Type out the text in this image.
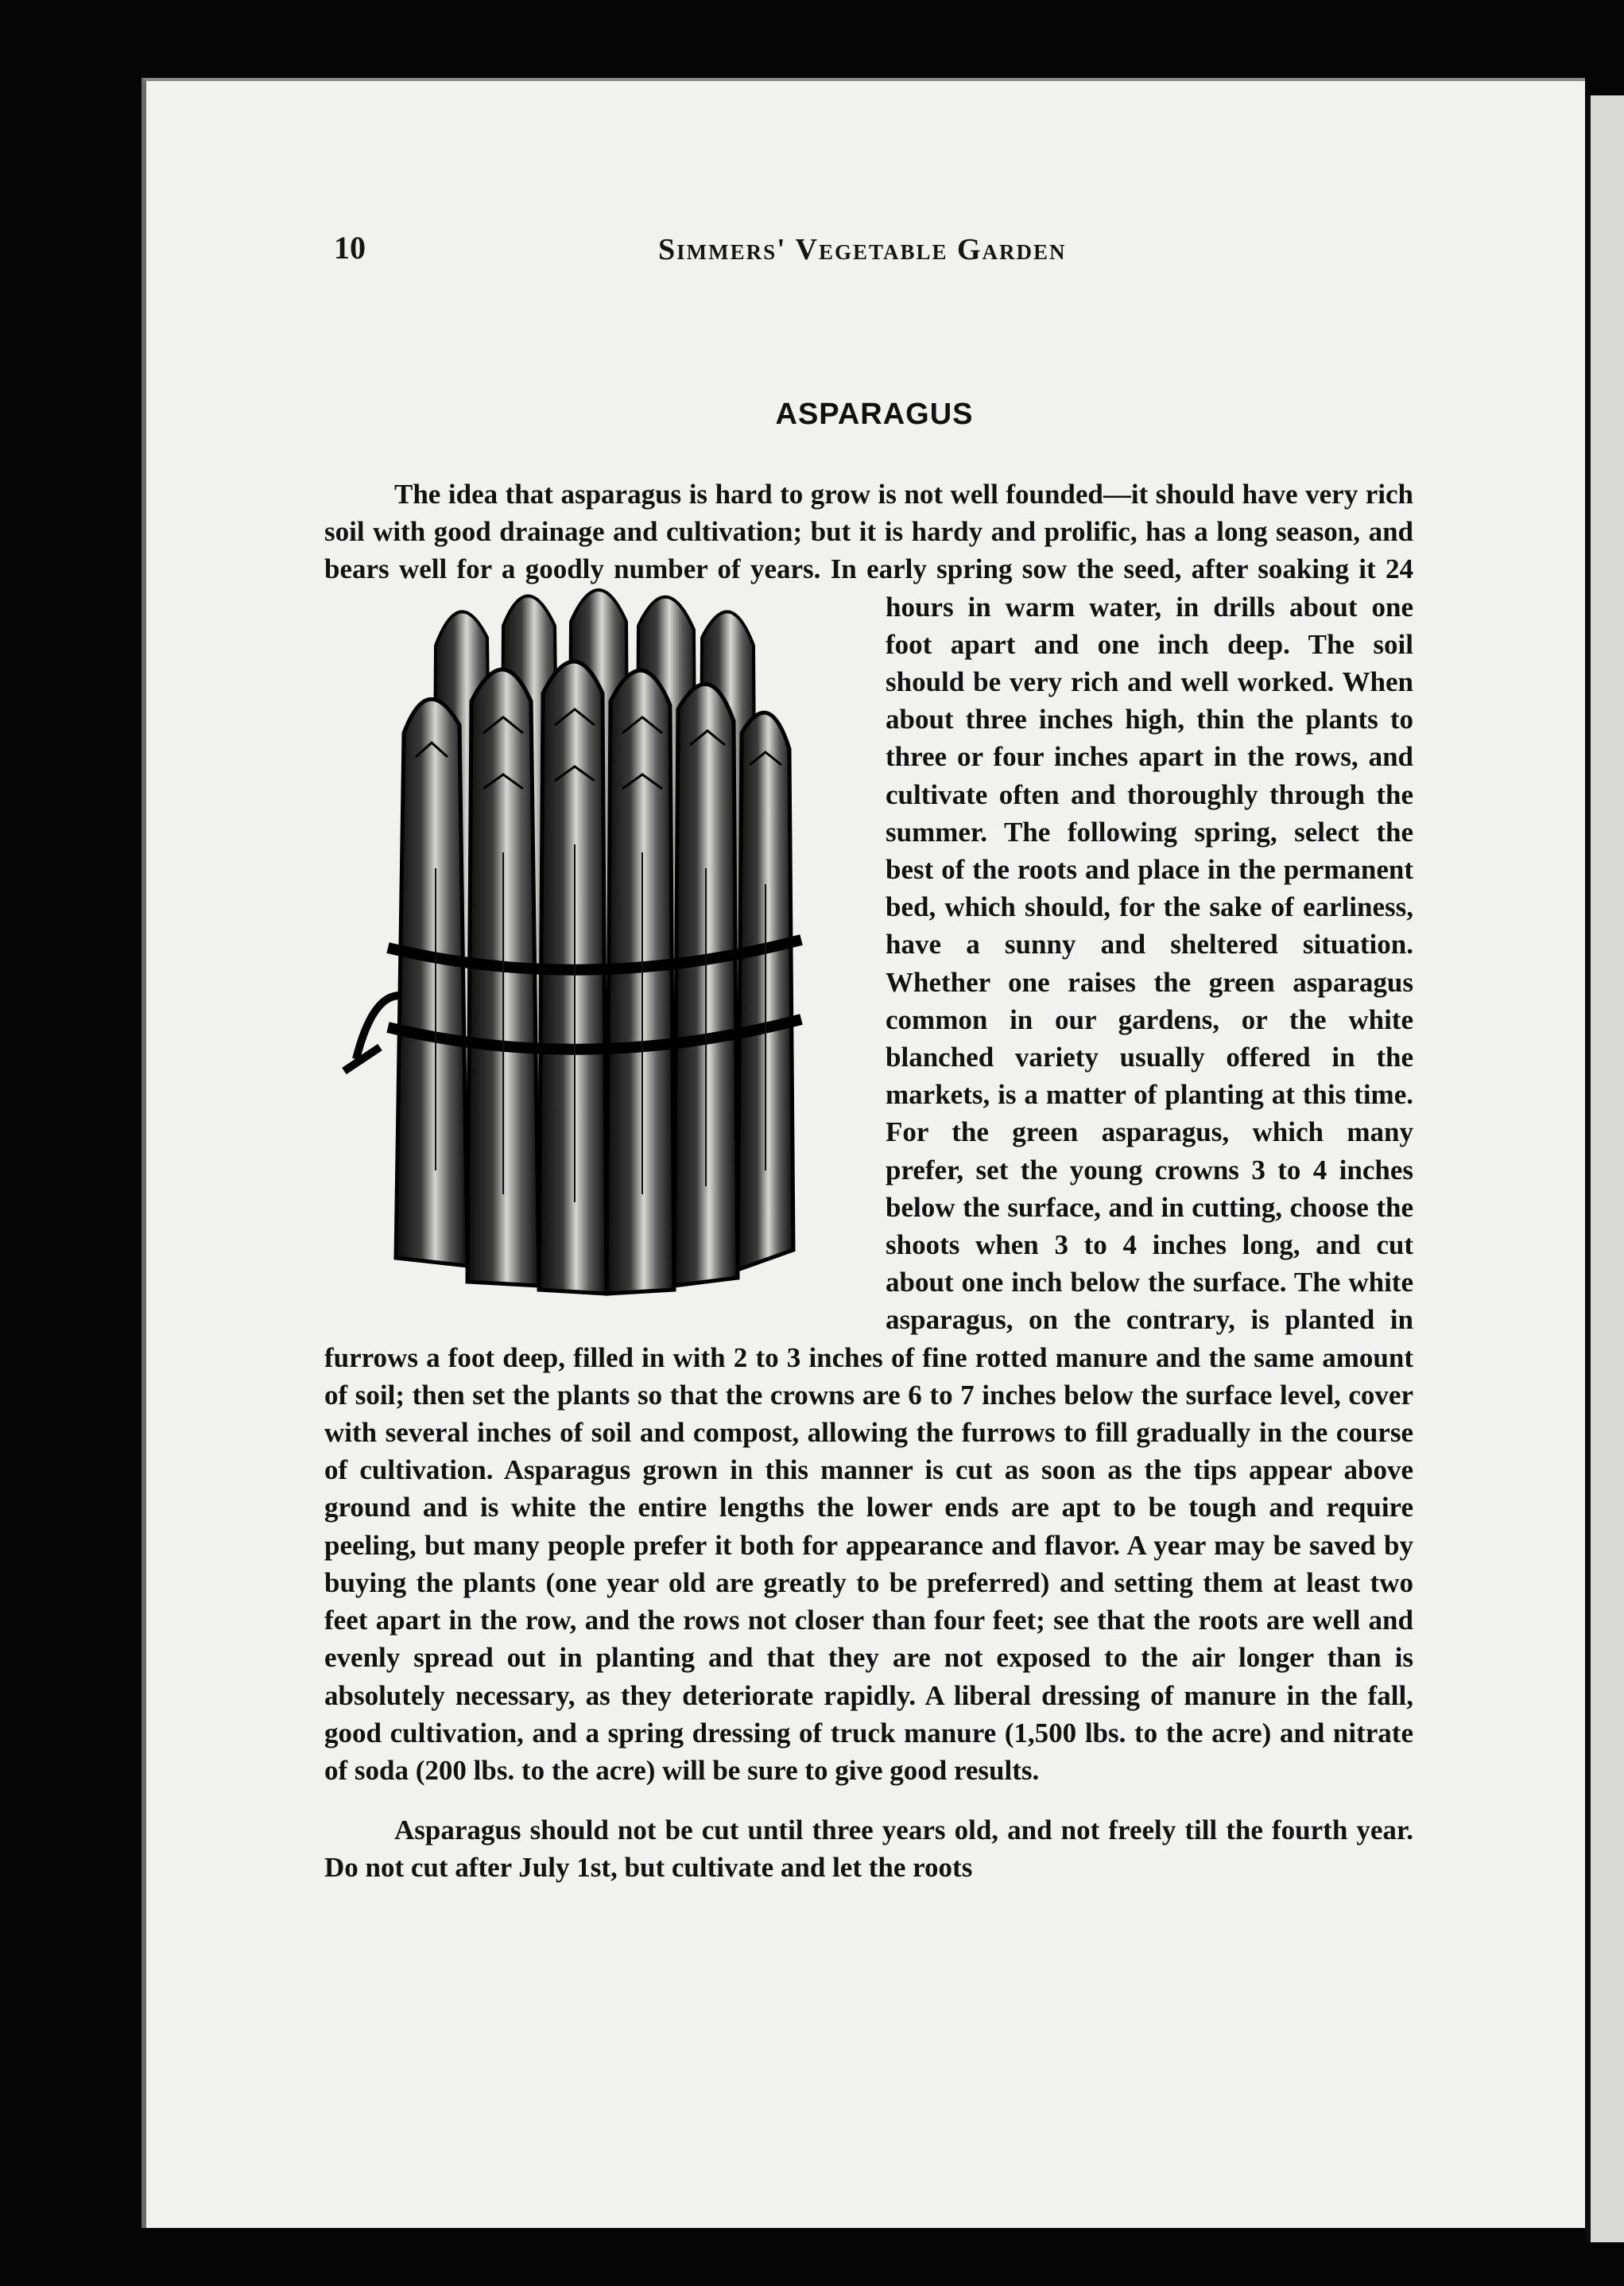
10	Simmers' Vegetable Garden
ASPARAGUS

The idea that asparagus is hard to grow is not well founded—it should have very rich soil with good drainage and cultivation; but it is hardy and prolific, has a long season, and bears well for a goodly number of years.
In early spring sow the seed, after soaking it 24 hours in warm water, in drills about one foot apart and one inch deep. The soil should be very rich and well worked. When about three inches high, thin the plants to three or four inches apart in the rows, and cultivate often and thoroughly through the summer. The following spring, select the best of the roots and place in the permanent bed, which should, for the sake of earliness, have a sunny and sheltered situation. Whether one raises the green asparagus common in our gardens, or the white blanched variety usually offered in the markets, is a matter of planting at this time. For the green asparagus, which many prefer, set the young crowns 3 to 4 inches below the surface, and in cutting, choose the shoots when 3 to 4 inches long, and cut about one inch below the surface. The white asparagus, on the contrary, is planted in furrows a foot deep, filled in with 2 to 3 inches of fine rotted manure and the same amount of soil; then set the plants so that the crowns are 6 to 7 inches below the surface level, cover with several inches of soil and compost, allowing the furrows to fill gradually in the course of cultivation. Asparagus grown in this manner is cut as soon as the tips appear above ground and is white the entire lengths the lower ends are apt to be tough and require peeling, but many people prefer it both for appearance and flavor. A year may be saved by buying the plants (one year old are greatly to be preferred) and setting them at least two feet apart in the row, and the rows not closer than four feet; see that the roots are well and evenly spread out in planting and that they are not exposed to the air longer than is absolutely necessary, as they deteriorate rapidly. A liberal dressing of manure in the fall, good cultivation, and a spring dressing of truck manure (1,500 lbs. to the acre) and nitrate of soda (200 lbs. to the acre) will be sure to give good results.

Asparagus should not be cut until three years old, and not freely till the fourth year. Do not cut after July 1st, but cultivate and let the roots
